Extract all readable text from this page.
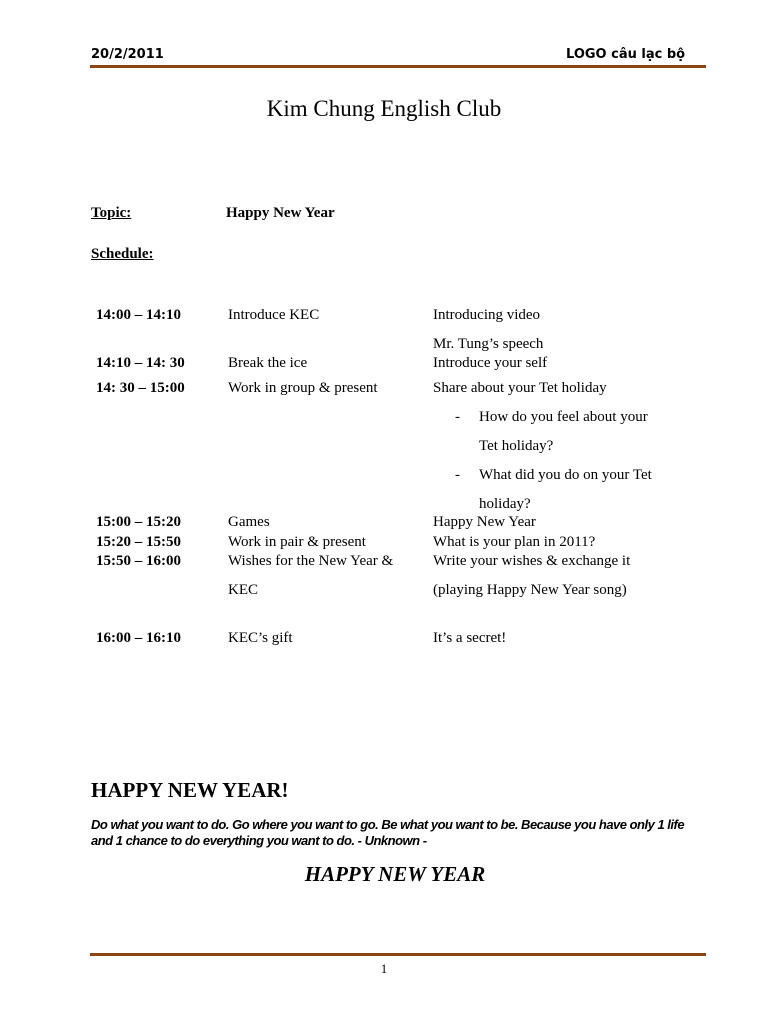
20/2/2011	LOGO câu lạc bộ
Kim Chung English Club
Topic:	Happy New Year
Schedule:
14:00 – 14:10	Introduce KEC	Introducing video
Mr. Tung’s speech
14:10 – 14: 30	Break the ice	Introduce your self
14: 30 – 15:00	Work in group & present	Share about your Tet holiday
- How do you feel about your
Tet holiday?
- What did you do on your Tet
holiday?
15:00 – 15:20	Games	Happy New Year
15:20 – 15:50	Work in pair & present	What is your plan in 2011?
15:50 – 16:00	Wishes for the New Year &	Write your wishes & exchange it
KEC	(playing Happy New Year song)
16:00 – 16:10	KEC’s gift	It’s a secret!
HAPPY NEW YEAR!
Do what you want to do. Go where you want to go. Be what you want to be. Because you have only 1 life
and 1 chance to do everything you want to do. - Unknown -
HAPPY NEW YEAR
1
